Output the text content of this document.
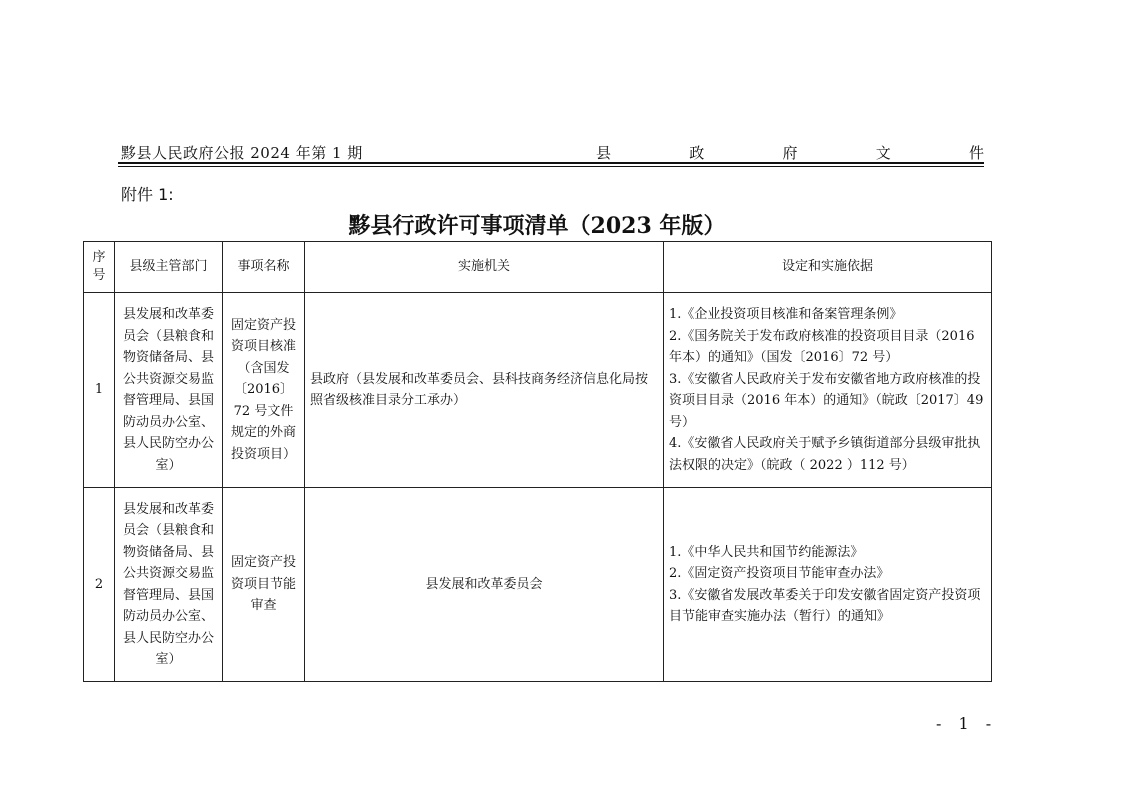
黟县人民政府公报 2024 年第 1 期	县	政	府	文	件
附件 1:
黟县行政许可事项清单（2023 年版）
序号	县级主管部门	事项名称	实施机关	设定和实施依据
1	县发展和改革委员会（县粮食和物资储备局、县公共资源交易监督管理局、县国防动员办公室、县人民防空办公室）	固定资产投资项目核准（含国发〔2016〕72 号文件规定的外商投资项目）	县政府（县发展和改革委员会、县科技商务经济信息化局按照省级核准目录分工承办）	1.《企业投资项目核准和备案管理条例》
2.《国务院关于发布政府核准的投资项目目录（2016 年本）的通知》（国发〔2016〕72 号）
3.《安徽省人民政府关于发布安徽省地方政府核准的投资项目目录（2016 年本）的通知》（皖政〔2017〕49 号）
4.《安徽省人民政府关于赋予乡镇街道部分县级审批执法权限的决定》（皖政（ 2022 ）112 号）

2	县发展和改革委员会（县粮食和物资储备局、县公共资源交易监督管理局、县国防动员办公室、县人民防空办公室）	固定资产投资项目节能审查	县发展和改革委员会	1.《中华人民共和国节约能源法》
2.《固定资产投资项目节能审查办法》
3.《安徽省发展改革委关于印发安徽省固定资产投资项目节能审查实施办法（暂行）的通知》
- 1 -
